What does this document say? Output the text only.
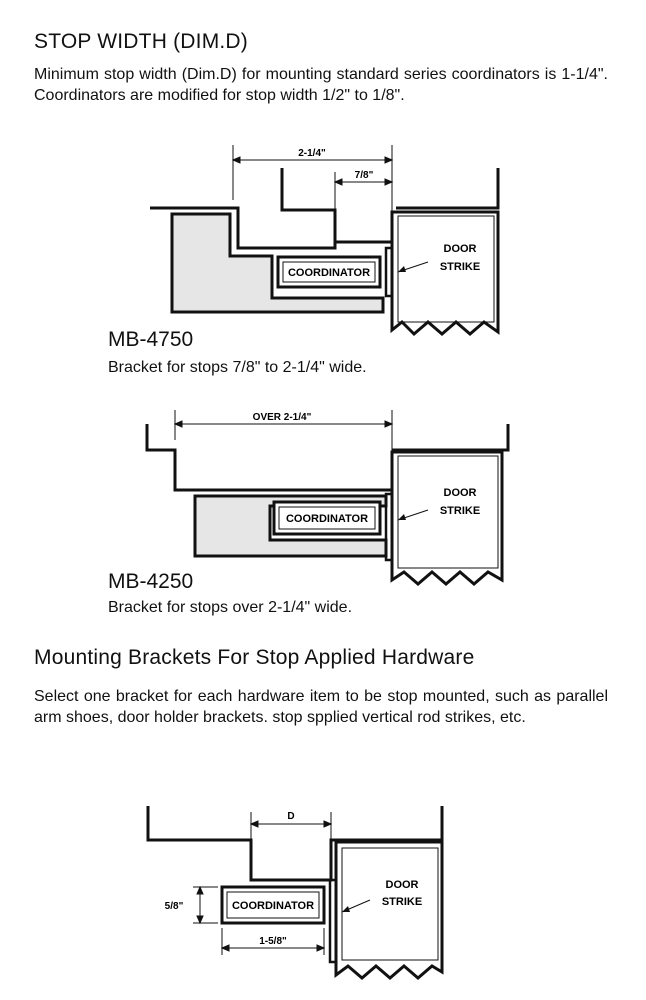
STOP WIDTH (DIM.D)
Minimum stop width (Dim.D) for mounting standard series coordinators is 1-1/4". Coordinators are modified for stop width 1/2" to 1/8".
2-1/4"
7/8"
COORDINATOR
DOOR
STRIKE
MB-4750
Bracket for stops 7/8" to 2-1/4" wide.
OVER 2-1/4"
COORDINATOR
DOOR
STRIKE
MB-4250
Bracket for stops over 2-1/4" wide.
Mounting Brackets For Stop Applied Hardware
Select one bracket for each hardware item to be stop mounted, such as parallel arm shoes, door holder brackets. stop spplied vertical rod strikes, etc.
D
COORDINATOR
5/8"
1-5/8"
DOOR
STRIKE
